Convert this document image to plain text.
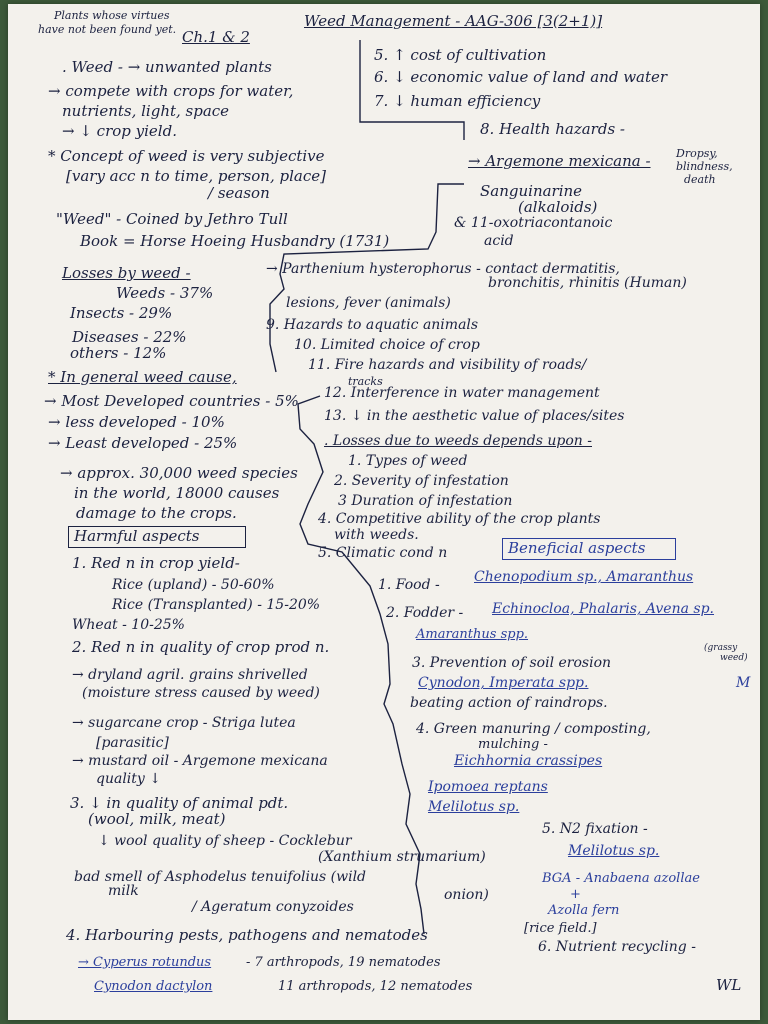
Plants whose virtues
have not been found yet. Ch.1 & 2
Weed Management - AAG-306 [3(2+1)]
. Weed - → unwanted plants
→ compete with crops for water,
nutrients, light, space
→ ↓ crop yield.
* Concept of weed is very subjective
[vary acc n to time, person, place]
/ season
"Weed" - Coined by Jethro Tull
Book = Horse Hoeing Husbandry (1731)
Losses by weed -
Weeds - 37%
Insects - 29%
Diseases - 22%
others - 12%
* In general weed cause,
→ Most Developed countries - 5%
→ less developed - 10%
→ Least developed - 25%
→ approx. 30,000 weed species
in the world, 18000 causes
damage to the crops.
Harmful aspects
1. Red n in crop yield-
Rice (upland) - 50-60%
Rice (Transplanted) - 15-20%
Wheat - 10-25%
2. Red n in quality of crop prod n.
→ dryland agril. grains shrivelled
(moisture stress caused by weed)
→ sugarcane crop - Striga lutea
[parasitic]
→ mustard oil - Argemone mexicana
quality ↓
3. ↓ in quality of animal pdt.
(wool, milk, meat)
↓ wool quality of sheep - Cocklebur
(Xanthium strumarium)
bad smell of Asphodelus tenuifolius (wild
milk	onion)
/ Ageratum conyzoides
4. Harbouring pests, pathogens and nematodes
→ Cyperus rotundus	- 7 arthropods, 19 nematodes
Cynodon dactylon	11 arthropods, 12 nematodes
5. ↑ cost of cultivation
6. ↓ economic value of land and water
7. ↓ human efficiency
8. Health hazards -
→ Argemone mexicana - Dropsy,
blindness,
death
Sanguinarine
(alkaloids)
& 11-oxotriacontanoic
acid
→ Parthenium hysterophorus - contact dermatitis,
bronchitis, rhinitis (Human)
lesions, fever (animals)
9. Hazards to aquatic animals
10. Limited choice of crop
11. Fire hazards and visibility of roads/
tracks
12. Interference in water management
13. ↓ in the aesthetic value of places/sites
. Losses due to weeds depends upon -
1. Types of weed
2. Severity of infestation
3 Duration of infestation
4. Competitive ability of the crop plants
with weeds.
5. Climatic cond n	Beneficial aspects
1. Food - Chenopodium sp., Amaranthus
2. Fodder - Echinocloa, Phalaris, Avena sp.
Amaranthus spp.
3. Prevention of soil erosion
(grassy
weed)
Cynodon, Imperata spp.
beating action of raindrops.
4. Green manuring / composting,
mulching -
Eichhornia crassipes
Ipomoea reptans
Melilotus sp.
5. N2 fixation -
Melilotus sp.
BGA - Anabaena azollae
+
Azolla fern
[rice field.]
6. Nutrient recycling -
M
WL
